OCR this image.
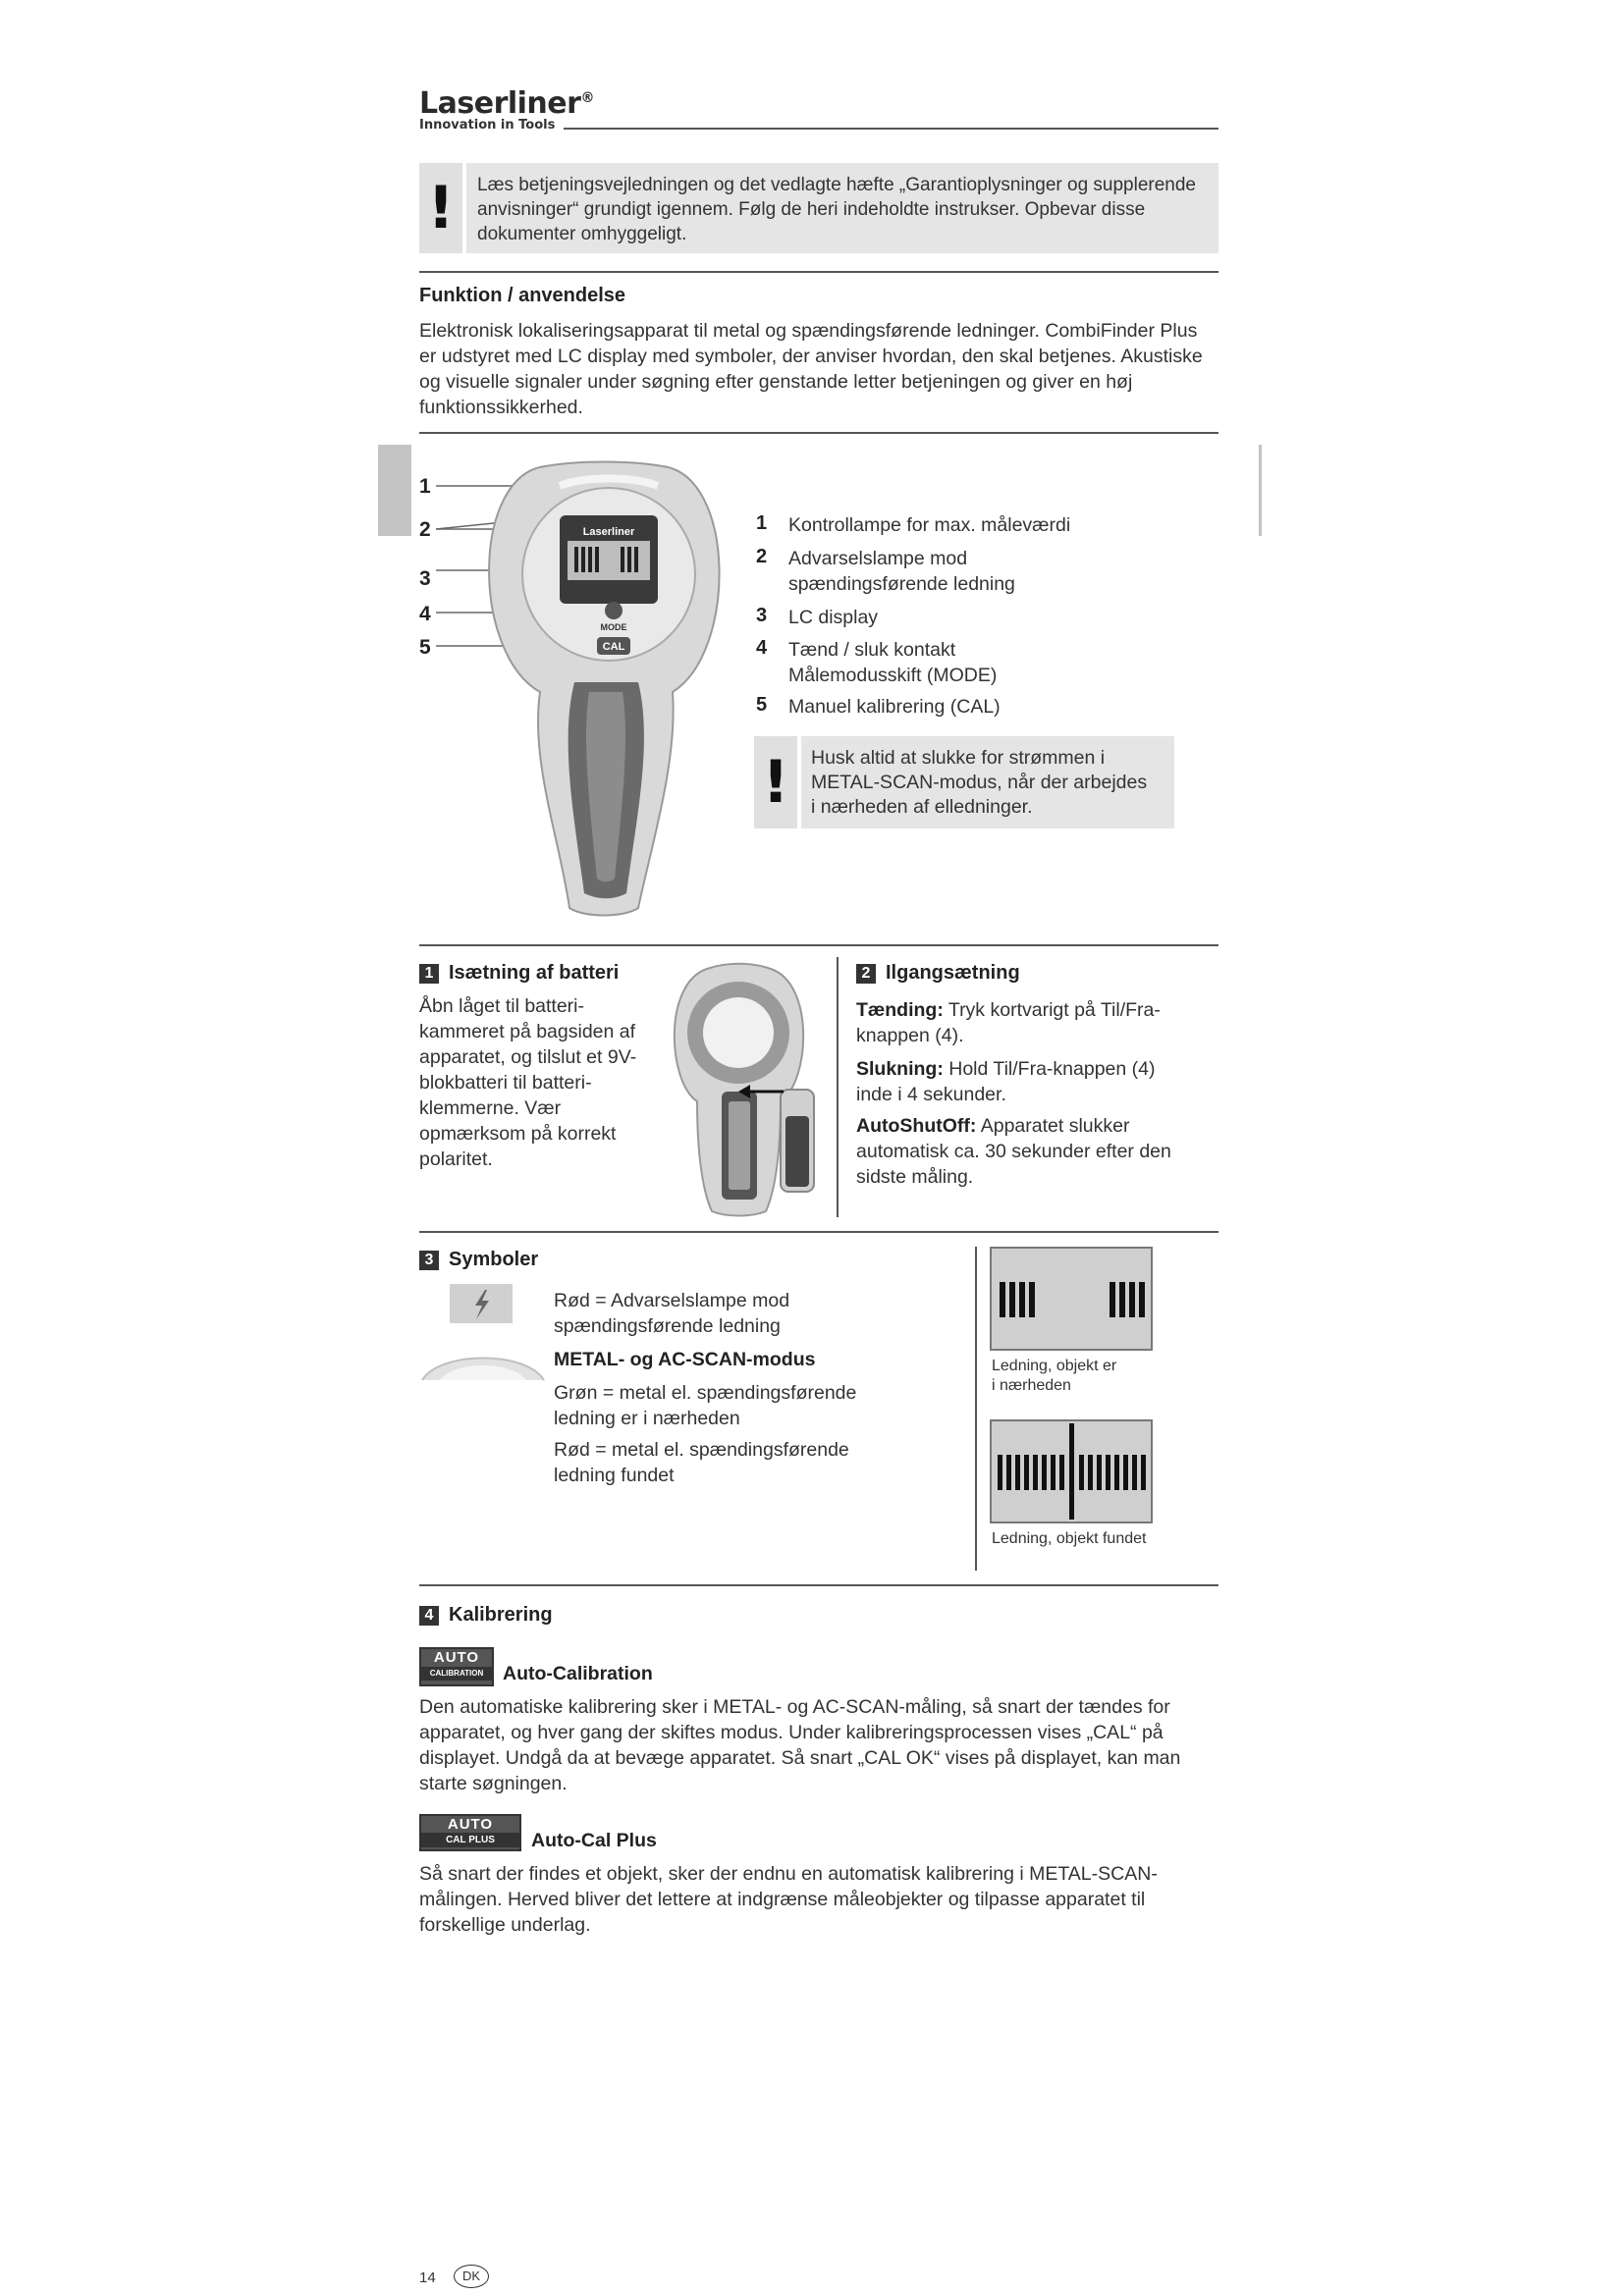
Laserliner®
Innovation in Tools
!	Læs betjeningsvejledningen og det vedlagte hæfte „Garantioplysninger og supplerende anvisninger“ grundigt igennem. Følg de heri indeholdte instrukser. Opbevar disse dokumenter omhyggeligt.
Funktion / anvendelse
Elektronisk lokaliseringsapparat til metal og spændingsførende ledninger. CombiFinder Plus er udstyret med LC display med symboler, der anviser hvordan, den skal betjenes. Akustiske og visuelle signaler under søgning efter genstande letter betjeningen og giver en høj funktionssikkerhed.
Laserliner
MODE
CAL
1
2
3
4
5
1 Kontrollampe for max. måleværdi
2 Advarselslampe mod spændingsførende ledning
3 LC display
4 Tænd / sluk kontakt Målemodusskift (MODE)
5 Manuel kalibrering (CAL)
!	Husk altid at slukke for strømmen i METAL-SCAN-modus, når der arbejdes i nærheden af elledninger.
1 Isætning af batteri
Åbn låget til batteri-kammeret på bagsiden af apparatet, og tilslut et 9V-blokbatteri til batteri-klemmerne. Vær opmærksom på korrekt polaritet.
2 Ilgangsætning
Tænding: Tryk kortvarigt på Til/Fra-knappen (4).
Slukning: Hold Til/Fra-knappen (4) inde i 4 sekunder.
AutoShutOff: Apparatet slukker automatisk ca. 30 sekunder efter den sidste måling.
3 Symboler
Rød = Advarselslampe mod spændingsførende ledning
METAL- og AC-SCAN-modus
Grøn = metal el. spændingsførende ledning er i nærheden
Rød = metal el. spændingsførende ledning fundet
Ledning, objekt er i nærheden
Ledning, objekt fundet
4 Kalibrering
AUTO
CALIBRATION	Auto-Calibration
Den automatiske kalibrering sker i METAL- og AC-SCAN-måling, så snart der tændes for apparatet, og hver gang der skiftes modus. Under kalibreringsprocessen vises „CAL“ på displayet. Undgå da at bevæge apparatet. Så snart „CAL OK“ vises på displayet, kan man starte søgningen.
AUTO
CAL PLUS	Auto-Cal Plus
Så snart der findes et objekt, sker der endnu en automatisk kalibrering i METAL-SCAN-målingen. Herved bliver det lettere at indgrænse måleobjekter og tilpasse apparatet til forskellige underlag.
14	DK
